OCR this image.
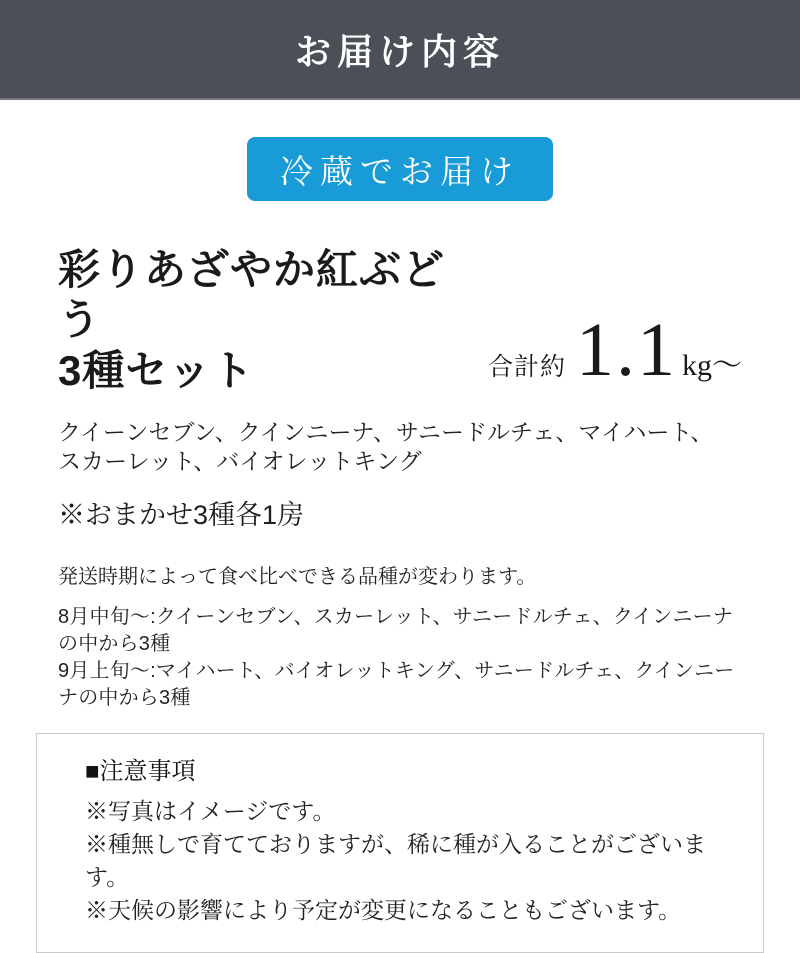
お届け内容
冷蔵でお届け
彩りあざやか紅ぶどう
3種セット	合計約 1.1 kg〜

クイーンセブン、クインニーナ、サニードルチェ、マイハート、
スカーレット、バイオレットキング

※おまかせ3種各1房

発送時期によって食べ比べできる品種が変わります。

8月中旬〜:クイーンセブン、スカーレット、サニードルチェ、クインニーナの中から3種
9月上旬〜:マイハート、バイオレットキング、サニードルチェ、クインニーナの中から3種

■注意事項

※写真はイメージです。

※種無しで育てておりますが、稀に種が入ることがございます。

※天候の影響により予定が変更になることもございます。
